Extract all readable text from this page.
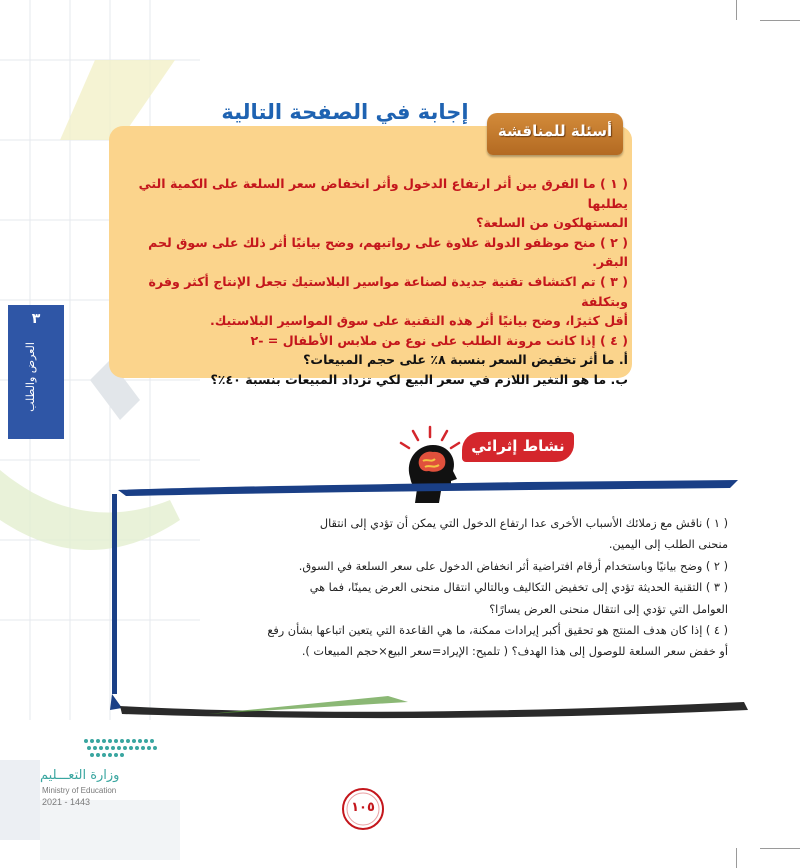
إجابة في الصفحة التالية
أسئلة للمناقشة

( ١ ) ما الفرق بين أثر ارتفاع الدخول وأثر انخفاض سعر السلعة على الكمية التي يطلبها

المستهلكون من السلعة؟

( ٢ ) منح موظفو الدولة علاوة على رواتبهم، وضح بيانيًا أثر ذلك على سوق لحم البقر.

( ٣ ) تم اكتشاف تقنية جديدة لصناعة مواسير البلاستيك تجعل الإنتاج أكثر وفرة وبتكلفة

أقل كثيرًا، وضح بيانيًا أثر هذه التقنية على سوق المواسير البلاستيك.

( ٤ ) إذا كانت مرونة الطلب على نوع من ملابس الأطفال = -٢

أ. ما أثر تخفيض السعر بنسبة ٨٪ على حجم المبيعات؟

ب. ما هو التغير اللازم في سعر البيع لكي تزداد المبيعات بنسبة ٤٠٪؟

٣
العرض والطلب
نشاط إثرائي

( ١ ) ناقش مع زملائك الأسباب الأخرى عدا ارتفاع الدخول التي يمكن أن تؤدي إلى انتقال

منحنى الطلب إلى اليمين.

( ٢ ) وضح بيانيًا وباستخدام أرقام افتراضية أثر انخفاض الدخول على سعر السلعة في السوق.

( ٣ ) التقنية الحديثة تؤدي إلى تخفيض التكاليف وبالتالي انتقال منحنى العرض يمينًا، فما هي

العوامل التي تؤدي إلى انتقال منحنى العرض يسارًا؟

( ٤ ) إذا كان هدف المنتج هو تحقيق أكبر إيرادات ممكنة، ما هي القاعدة التي يتعين اتباعها بشأن رفع

أو خفض سعر السلعة للوصول إلى هذا الهدف؟ ( تلميح: الإيراد=سعر البيع×حجم المبيعات ).

وزارة التعـــليم
Ministry of Education
2021 - 1443	١٠٥
